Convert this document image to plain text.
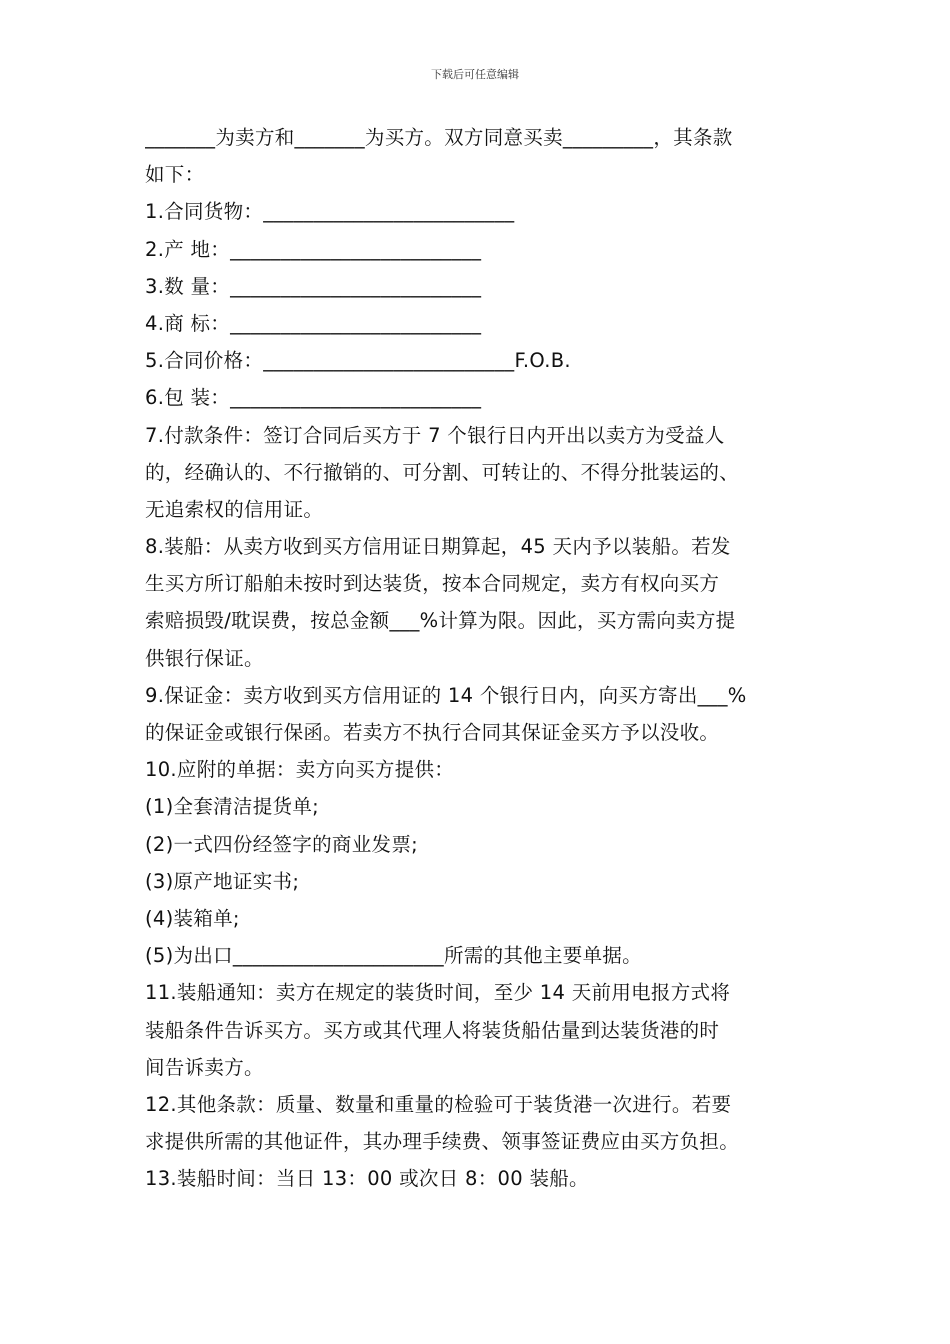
下载后可任意编辑
_______为卖方和_______为买方。双方同意买卖_________，其条款
如下：
1.合同货物：_________________________
2.产 地：_________________________
3.数 量：_________________________
4.商 标：_________________________
5.合同价格：_________________________F.O.B.
6.包 装：_________________________
7.付款条件：签订合同后买方于 7 个银行日内开出以卖方为受益人
的，经确认的、不行撤销的、可分割、可转让的、不得分批装运的、
无追索权的信用证。
8.装船：从卖方收到买方信用证日期算起，45 天内予以装船。若发
生买方所订船舶未按时到达装货，按本合同规定，卖方有权向买方
索赔损毁/耽误费，按总金额___%计算为限。因此，买方需向卖方提
供银行保证。
9.保证金：卖方收到买方信用证的 14 个银行日内，向买方寄出___%
的保证金或银行保函。若卖方不执行合同其保证金买方予以没收。
10.应附的单据：卖方向买方提供：
(1)全套清洁提货单;
(2)一式四份经签字的商业发票;
(3)原产地证实书;
(4)装箱单;
(5)为出口_____________________所需的其他主要单据。
11.装船通知：卖方在规定的装货时间，至少 14 天前用电报方式将
装船条件告诉买方。买方或其代理人将装货船估量到达装货港的时
间告诉卖方。
12.其他条款：质量、数量和重量的检验可于装货港一次进行。若要
求提供所需的其他证件，其办理手续费、领事签证费应由买方负担。
13.装船时间：当日 13：00 或次日 8：00 装船。
